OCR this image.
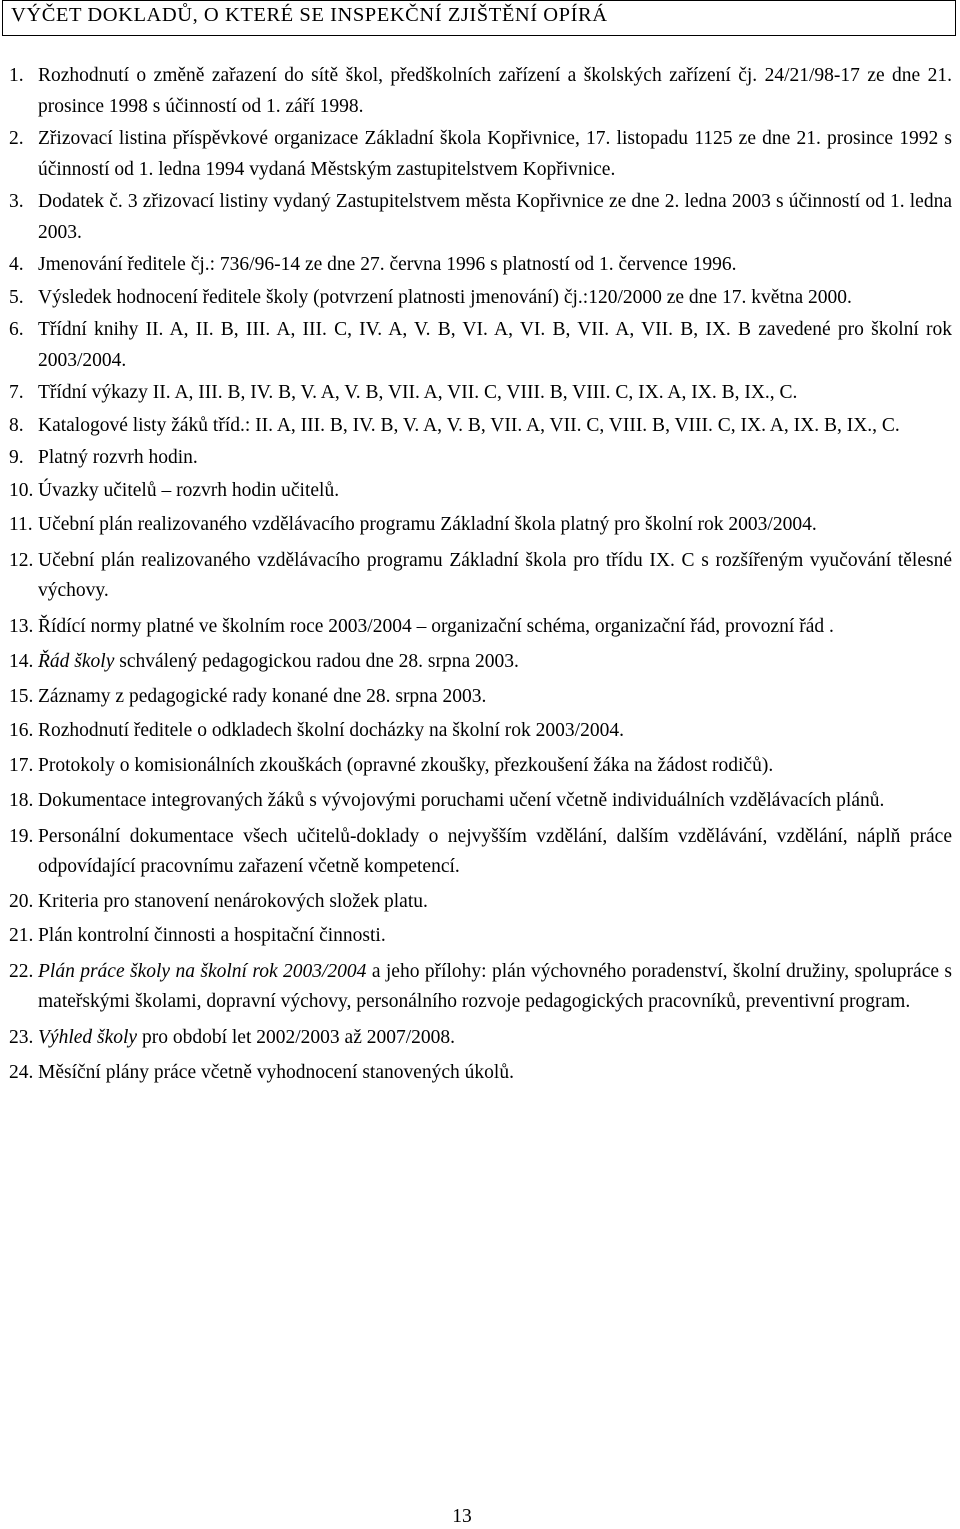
VÝČET DOKLADŮ, O KTERÉ SE INSPEKČNÍ ZJIŠTĚNÍ OPÍRÁ
1. Rozhodnutí o změně zařazení do sítě škol, předškolních zařízení a školských zařízení čj. 24/21/98-17 ze dne 21. prosince 1998 s účinností od 1. září 1998.
2. Zřizovací listina příspěvkové organizace Základní škola Kopřivnice, 17. listopadu 1125 ze dne 21. prosince 1992 s účinností od 1. ledna 1994 vydaná Městským zastupitelstvem Kopřivnice.
3. Dodatek č. 3 zřizovací listiny vydaný Zastupitelstvem města Kopřivnice ze dne 2. ledna 2003 s účinností od 1. ledna 2003.
4. Jmenování ředitele čj.: 736/96-14 ze dne 27. června 1996 s platností od 1. července 1996.
5. Výsledek hodnocení ředitele školy (potvrzení platnosti jmenování) čj.:120/2000 ze dne 17. května 2000.
6. Třídní knihy II. A, II. B, III. A, III. C, IV. A, V. B, VI. A, VI. B, VII. A, VII. B, IX. B zavedené pro školní rok 2003/2004.
7. Třídní výkazy II. A, III. B, IV. B, V. A, V. B, VII. A, VII. C, VIII. B, VIII. C, IX. A, IX. B, IX., C.
8. Katalogové listy žáků tříd.: II. A, III. B, IV. B, V. A, V. B, VII. A, VII. C, VIII. B, VIII. C, IX. A, IX. B, IX., C.
9. Platný rozvrh hodin.
10. Úvazky učitelů – rozvrh hodin učitelů.
11. Učební plán realizovaného vzdělávacího programu Základní škola platný pro školní rok 2003/2004.
12. Učební plán realizovaného vzdělávacího programu Základní škola pro třídu IX. C s rozšířeným vyučování tělesné výchovy.
13. Řídící normy platné ve školním roce 2003/2004 – organizační schéma, organizační řád, provozní řád .
14. Řád školy schválený pedagogickou radou dne 28. srpna 2003.
15. Záznamy z pedagogické rady konané dne 28. srpna 2003.
16. Rozhodnutí ředitele o odkladech školní docházky na školní rok 2003/2004.
17. Protokoly o komisionálních zkouškách (opravné zkoušky, přezkoušení žáka na žádost rodičů).
18. Dokumentace integrovaných žáků s vývojovými poruchami učení včetně individuálních vzdělávacích plánů.
19. Personální dokumentace všech učitelů-doklady o nejvyšším vzdělání, dalším vzdělávání, vzdělání, náplň práce odpovídající pracovnímu zařazení včetně kompetencí.
20. Kriteria pro stanovení nenárokových složek platu.
21. Plán kontrolní činnosti a hospitační činnosti.
22. Plán práce školy na školní rok 2003/2004 a jeho přílohy: plán výchovného poradenství, školní družiny, spolupráce s mateřskými školami, dopravní výchovy, personálního rozvoje pedagogických pracovníků, preventivní program.
23. Výhled školy pro období let 2002/2003 až 2007/2008.
24. Měsíční plány práce včetně vyhodnocení stanovených úkolů.
13
